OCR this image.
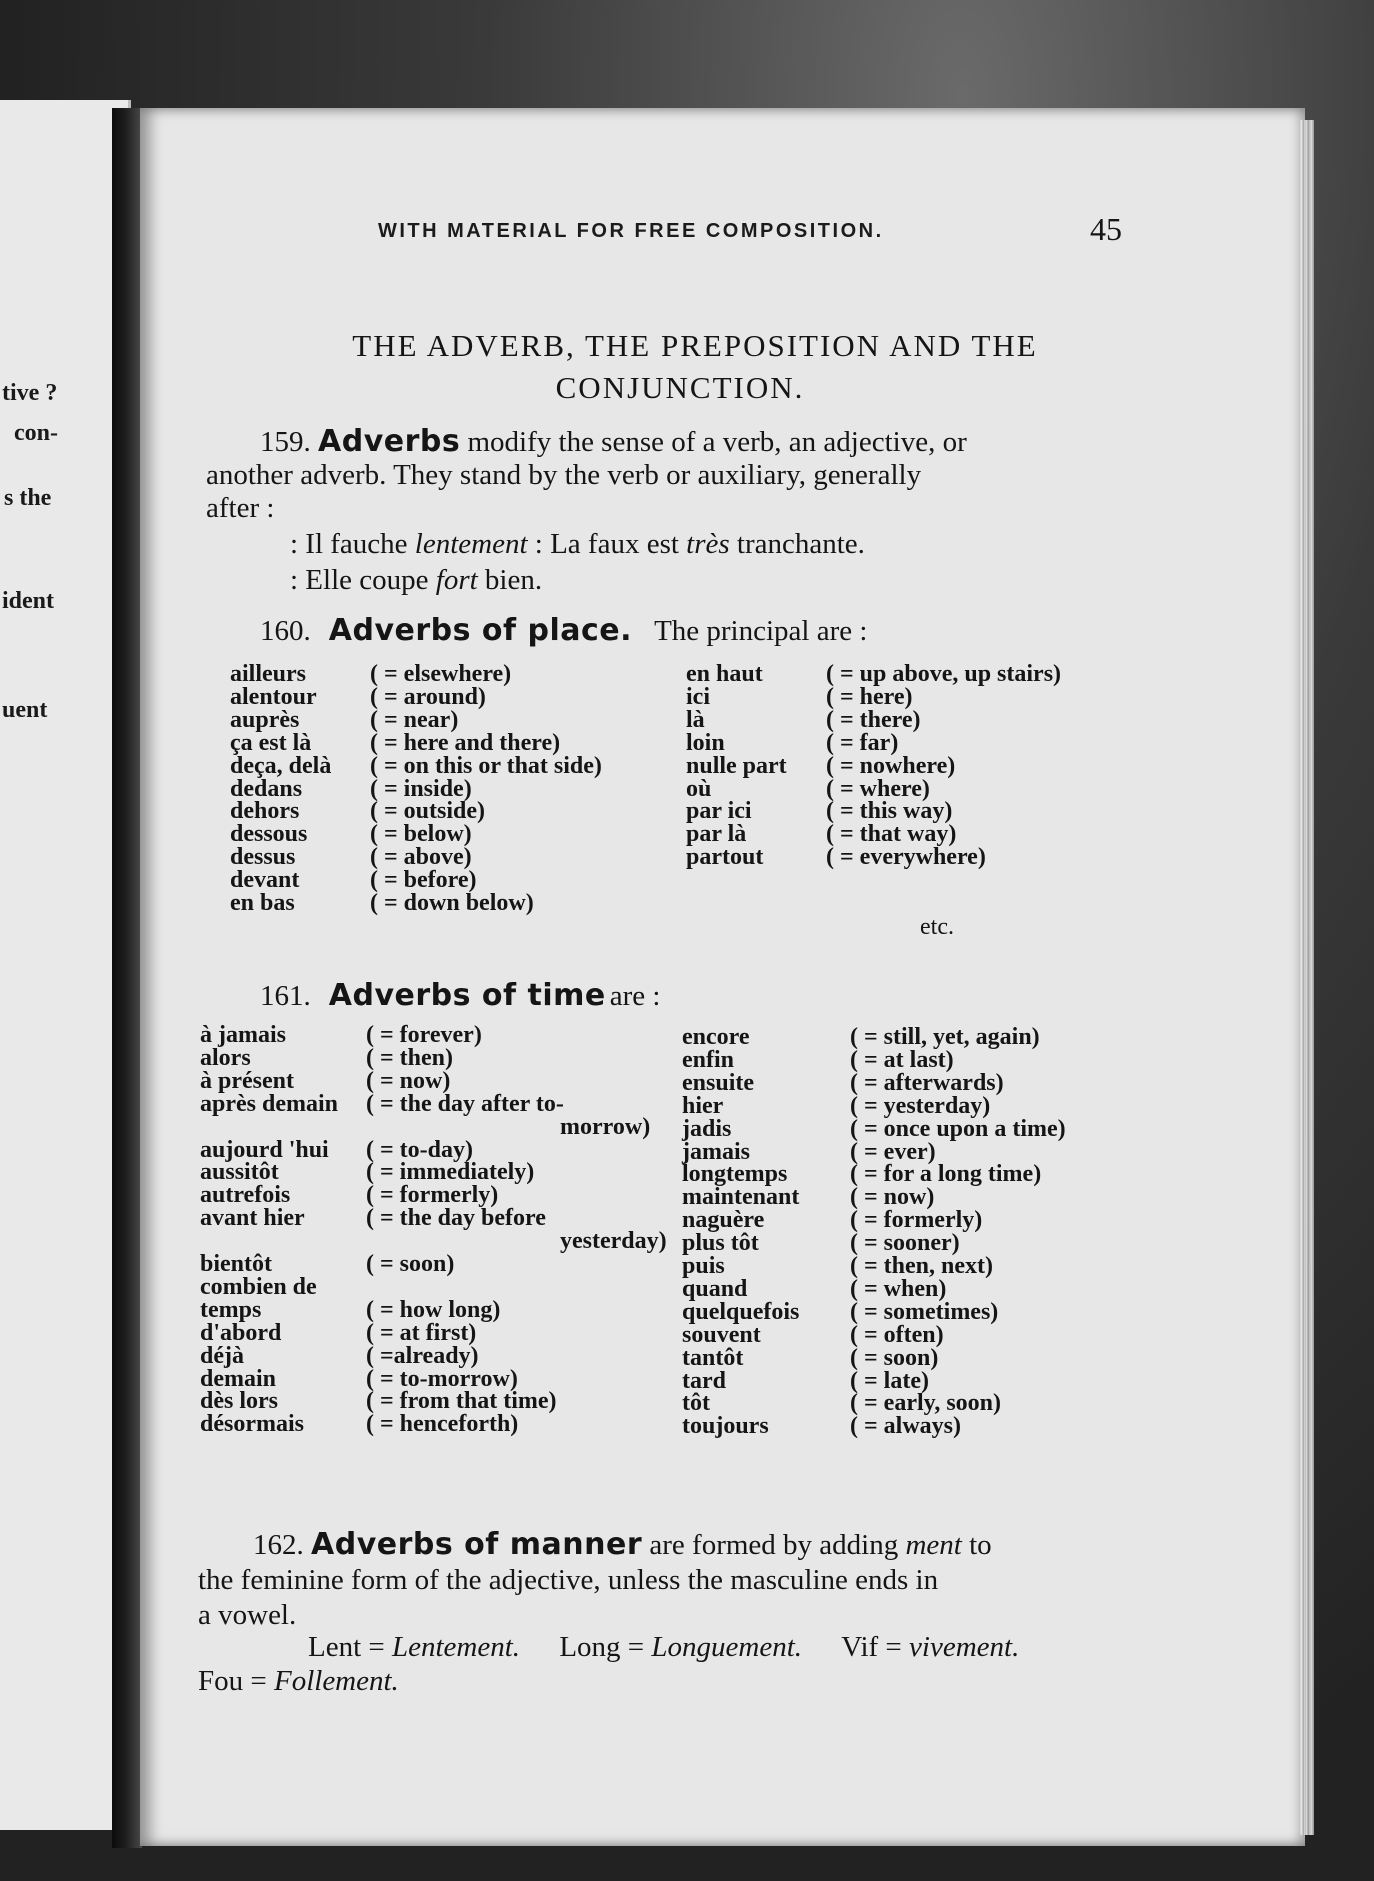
tive ?
con-
s the
ident
uent
WITH MATERIAL FOR FREE COMPOSITION.	45
THE ADVERB, THE PREPOSITION AND THE
CONJUNCTION.
159. Adverbs modify the sense of a verb, an adjective, or
another adverb. They stand by the verb or auxiliary, generally
after :
: Il fauche lentement : La faux est très tranchante.
: Elle coupe fort bien.
160. Adverbs of place. The principal are :
ailleurs	( = elsewhere)
alentour ( = around)
auprès	( = near)
ça est là ( = here and there)
deça, delà ( = on this or that side)
dedans	( = inside)
dehors	( = outside)
dessous	( = below)
dessus	( = above)
devant	( = before)
en bas	( = down below)
en haut	( = up above, up stairs)
ici	( = here)
là	( = there)
loin	( = far)
nulle part ( = nowhere)
où	( = where)
par ici	( = this way)
par là	( = that way)
partout	( = everywhere)
etc.
161. Adverbs of time are :
à jamais	( = forever)
alors	( = then)
à présent	( = now)
après demain ( = the day after to-
morrow)
aujourd 'hui ( = to-day)
aussitôt	( = immediately)
autrefois	( = formerly)
avant hier	( = the day before
yesterday)
bientôt	( = soon)
combien de
temps	( = how long)
d'abord	( = at first)
déjà	( =already)
demain	( = to-morrow)
dès lors	( = from that time)
désormais	( = henceforth)
encore	( = still, yet, again)
enfin	( = at last)
ensuite	( = afterwards)
hier	( = yesterday)
jadis	( = once upon a time)
jamais	( = ever)
longtemps	( = for a long time)
maintenant ( = now)
naguère	( = formerly)
plus tôt	( = sooner)
puis	( = then, next)
quand	( = when)
quelquefois ( = sometimes)
souvent	( = often)
tantôt	( = soon)
tard	( = late)
tôt	( = early, soon)
toujours	( = always)
162. Adverbs of manner are formed by adding ment to
the feminine form of the adjective, unless the masculine ends in
a vowel.
Lent = Lentement. Long = Longuement. Vif = vivement.
Fou = Follement.
